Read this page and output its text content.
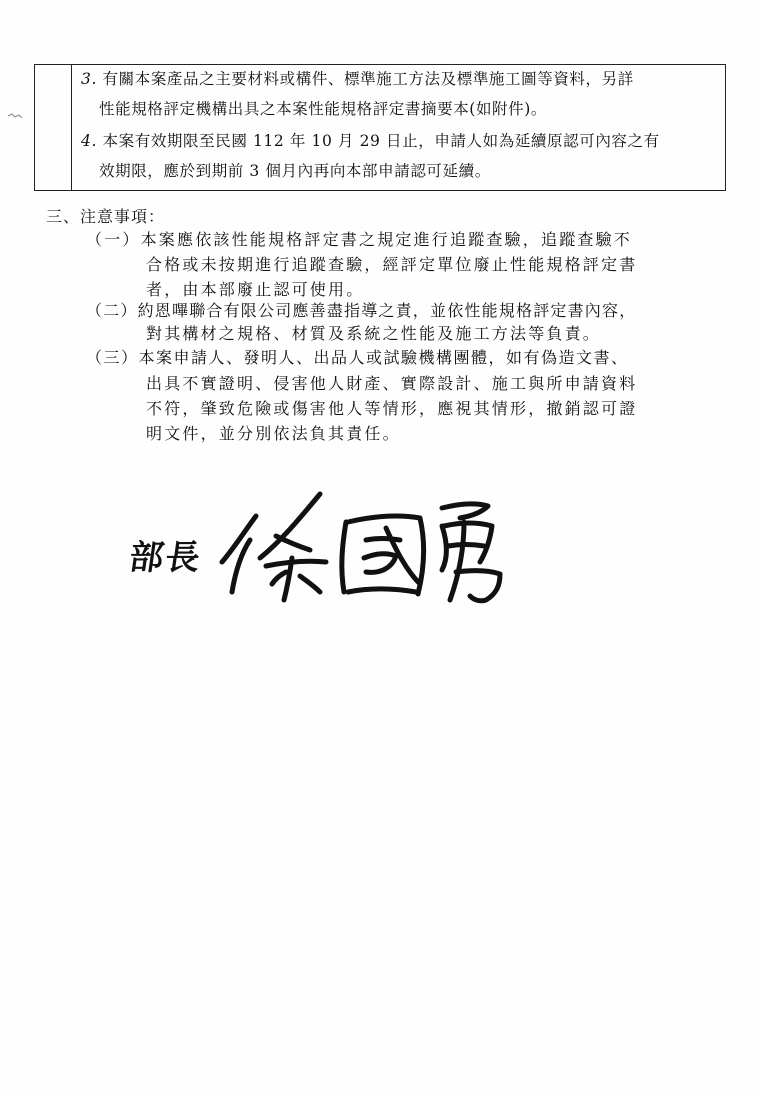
3. 有關本案產品之主要材料或構件、標準施工方法及標準施工圖等資料，另詳
性能規格評定機構出具之本案性能規格評定書摘要本(如附件)。
4. 本案有效期限至民國 112 年 10 月 29 日止，申請人如為延續原認可內容之有
效期限，應於到期前 3 個月內再向本部申請認可延續。
三、注意事項：
（一）本案應依該性能規格評定書之規定進行追蹤查驗，追蹤查驗不
合格或未按期進行追蹤查驗，經評定單位廢止性能規格評定書
者，由本部廢止認可使用。
（二）約恩嗶聯合有限公司應善盡指導之責，並依性能規格評定書內容，
對其構材之規格、材質及系統之性能及施工方法等負責。
（三）本案申請人、發明人、出品人或試驗機構團體，如有偽造文書、
出具不實證明、侵害他人財產、實際設計、施工與所申請資料
不符，肇致危險或傷害他人等情形，應視其情形，撤銷認可證
明文件，並分別依法負其責任。
部長
